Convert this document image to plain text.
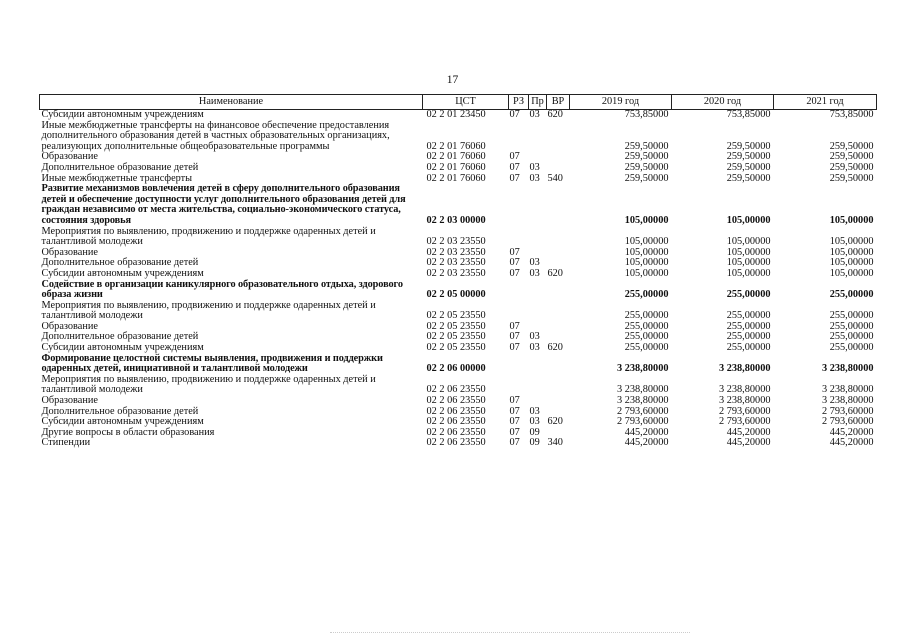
17
Наименование	ЦСТ	РЗ	Пр	ВР	2019 год	2020 год	2021 год
Субсидии автономным учреждениям	02 2 01 23450	07	03	620	753,85000	753,85000	753,85000
Иные межбюджетные трансферты на финансовое обеспечение предоставления дополнительного образования детей в частных образовательных организациях, реализующих дополнительные общеобразовательные программы	02 2 01 76060				259,50000	259,50000	259,50000
Образование	02 2 01 76060	07			259,50000	259,50000	259,50000
Дополнительное образование детей	02 2 01 76060	07	03		259,50000	259,50000	259,50000
Иные межбюджетные трансферты	02 2 01 76060	07	03	540	259,50000	259,50000	259,50000
Развитие механизмов вовлечения детей в сферу дополнительного образования детей и обеспечение доступности услуг дополнительного образования детей для граждан независимо от места жительства, социально-экономического статуса, состояния здоровья	02 2 03 00000				105,00000	105,00000	105,00000
Мероприятия по выявлению, продвижению и поддержке одаренных детей и талантливой молодежи	02 2 03 23550				105,00000	105,00000	105,00000
Образование	02 2 03 23550	07			105,00000	105,00000	105,00000
Дополнительное образование детей	02 2 03 23550	07	03		105,00000	105,00000	105,00000
Субсидии автономным учреждениям	02 2 03 23550	07	03	620	105,00000	105,00000	105,00000
Содействие в организации каникулярного образовательного отдыха, здорового образа жизни	02 2 05 00000				255,00000	255,00000	255,00000
Мероприятия по выявлению, продвижению и поддержке одаренных детей и талантливой молодежи	02 2 05 23550				255,00000	255,00000	255,00000
Образование	02 2 05 23550	07			255,00000	255,00000	255,00000
Дополнительное образование детей	02 2 05 23550	07	03		255,00000	255,00000	255,00000
Субсидии автономным учреждениям	02 2 05 23550	07	03	620	255,00000	255,00000	255,00000
Формирование целостной системы выявления, продвижения и поддержки одаренных детей, инициативной и талантливой молодежи	02 2 06 00000				3 238,80000	3 238,80000	3 238,80000
Мероприятия по выявлению, продвижению и поддержке одаренных детей и талантливой молодежи	02 2 06 23550				3 238,80000	3 238,80000	3 238,80000
Образование	02 2 06 23550	07			3 238,80000	3 238,80000	3 238,80000
Дополнительное образование детей	02 2 06 23550	07	03		2 793,60000	2 793,60000	2 793,60000
Субсидии автономным учреждениям	02 2 06 23550	07	03	620	2 793,60000	2 793,60000	2 793,60000
Другие вопросы в области образования	02 2 06 23550	07	09		445,20000	445,20000	445,20000
Стипендии	02 2 06 23550	07	09	340	445,20000	445,20000	445,20000
